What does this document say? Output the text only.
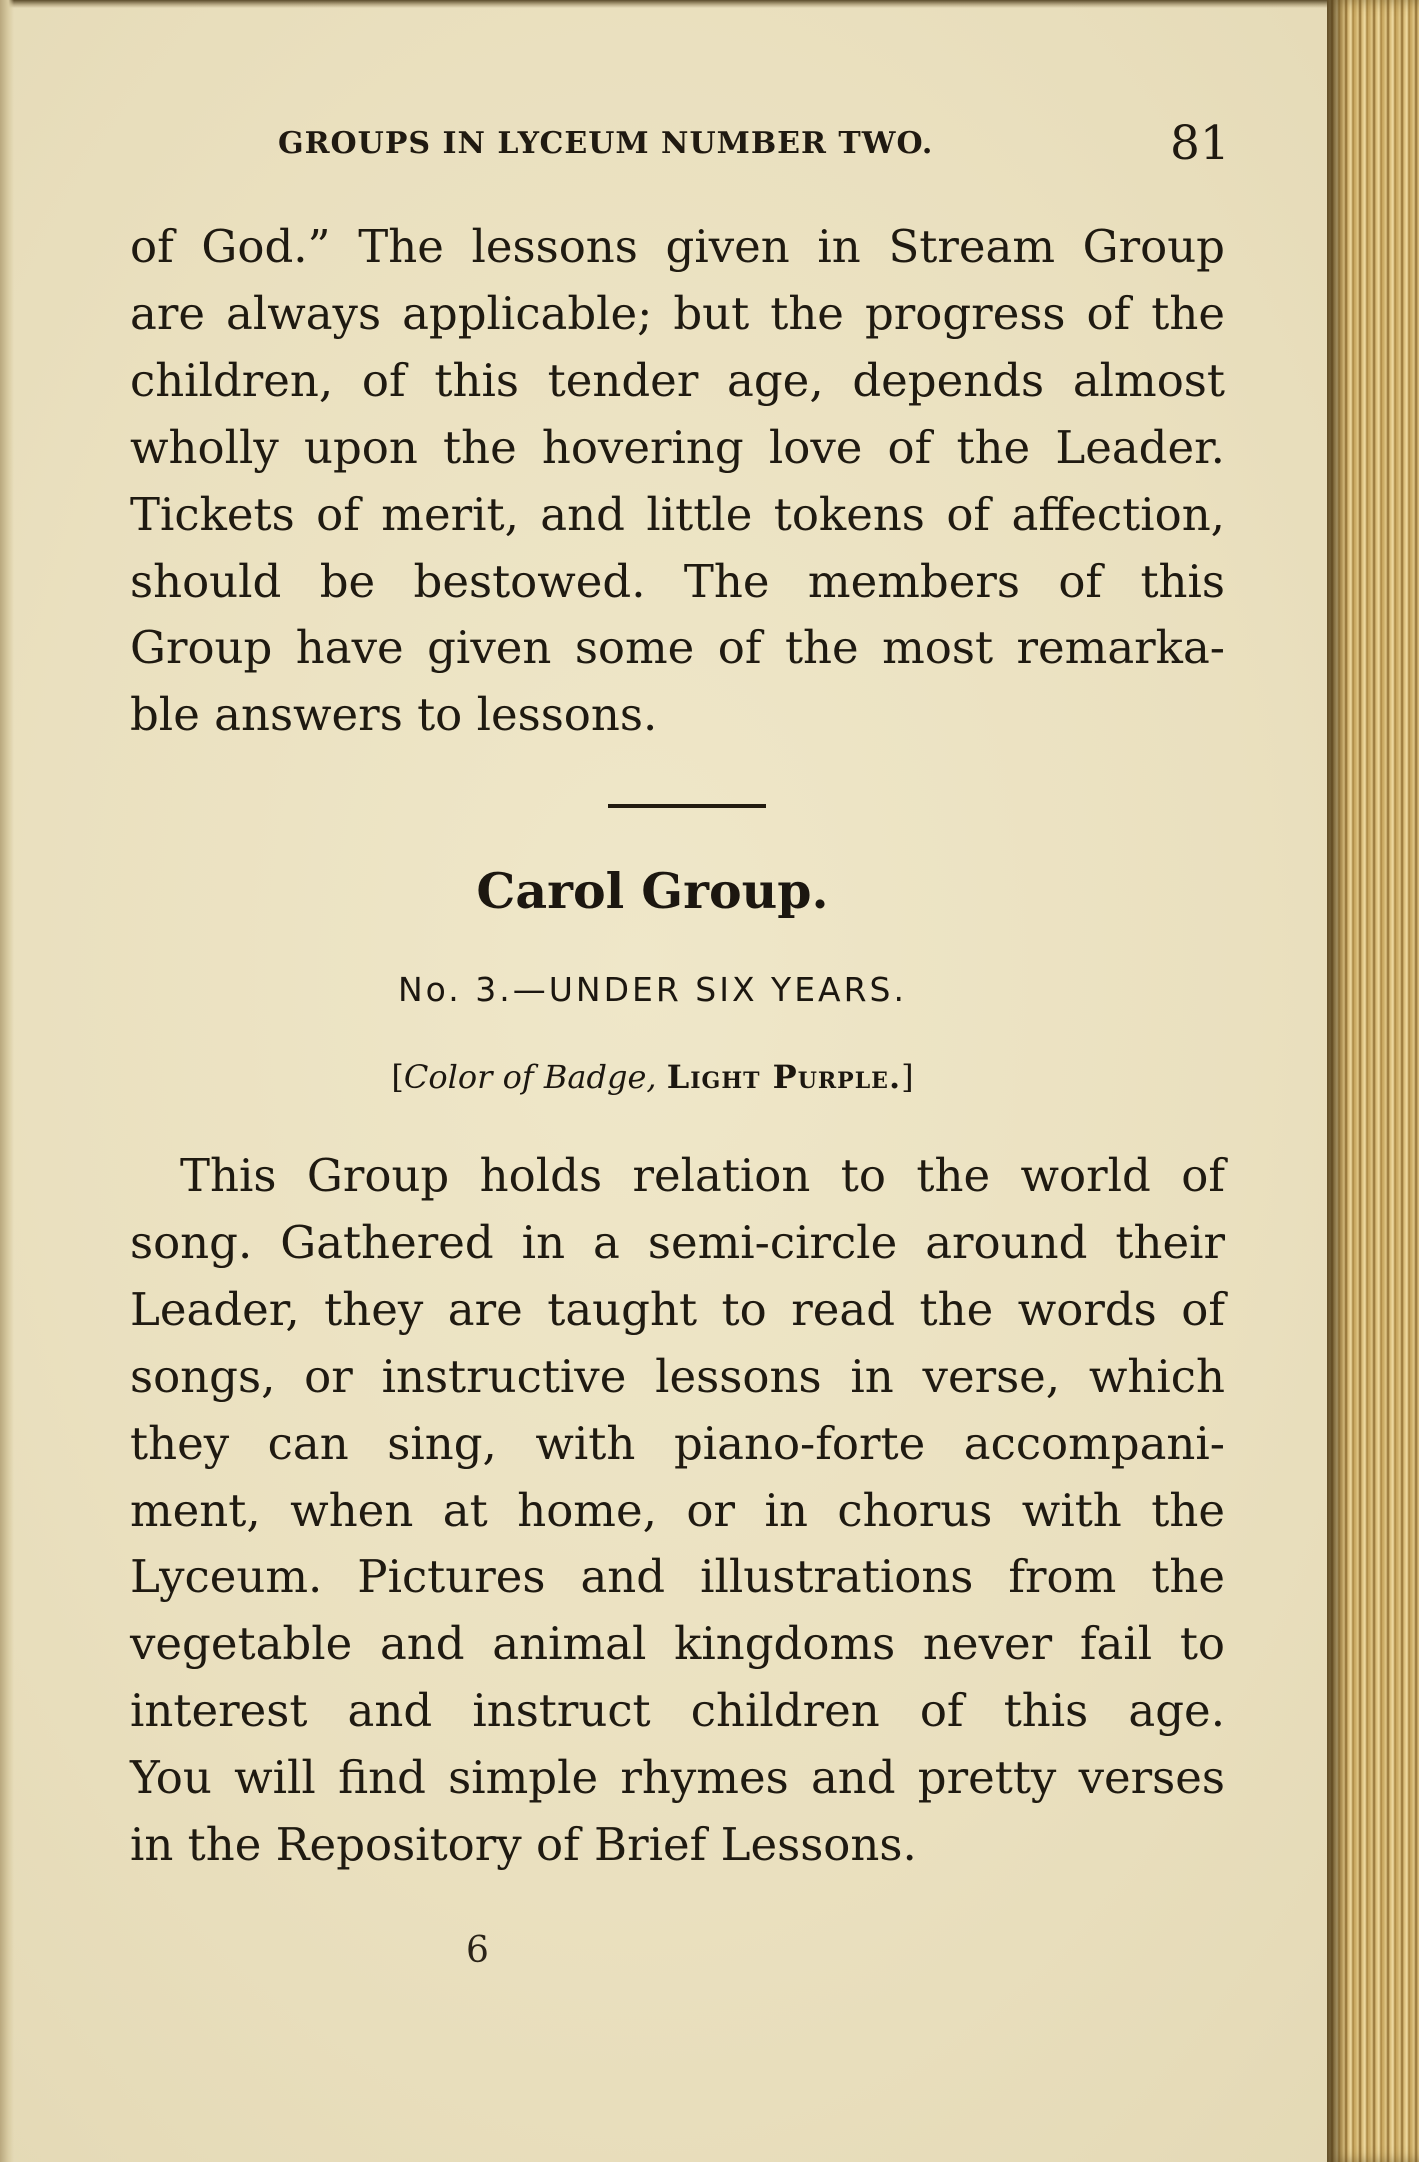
GROUPS IN LYCEUM NUMBER TWO.	81

of God.” The lessons given in Stream Group
are always applicable; but the progress of the
children, of this tender age, depends almost
wholly upon the hovering love of the Leader.
Tickets of merit, and little tokens of affection,
should be bestowed. The members of this
Group have given some of the most remarka-
ble answers to lessons.

Carol Group.
No. 3.—UNDER SIX YEARS.
[Color of Badge, Light Purple.]

This Group holds relation to the world of
song. Gathered in a semi-circle around their
Leader, they are taught to read the words of
songs, or instructive lessons in verse, which
they can sing, with piano-forte accompani-
ment, when at home, or in chorus with the
Lyceum. Pictures and illustrations from the
vegetable and animal kingdoms never fail to
interest and instruct children of this age.
You will find simple rhymes and pretty verses
in the Repository of Brief Lessons.

6
